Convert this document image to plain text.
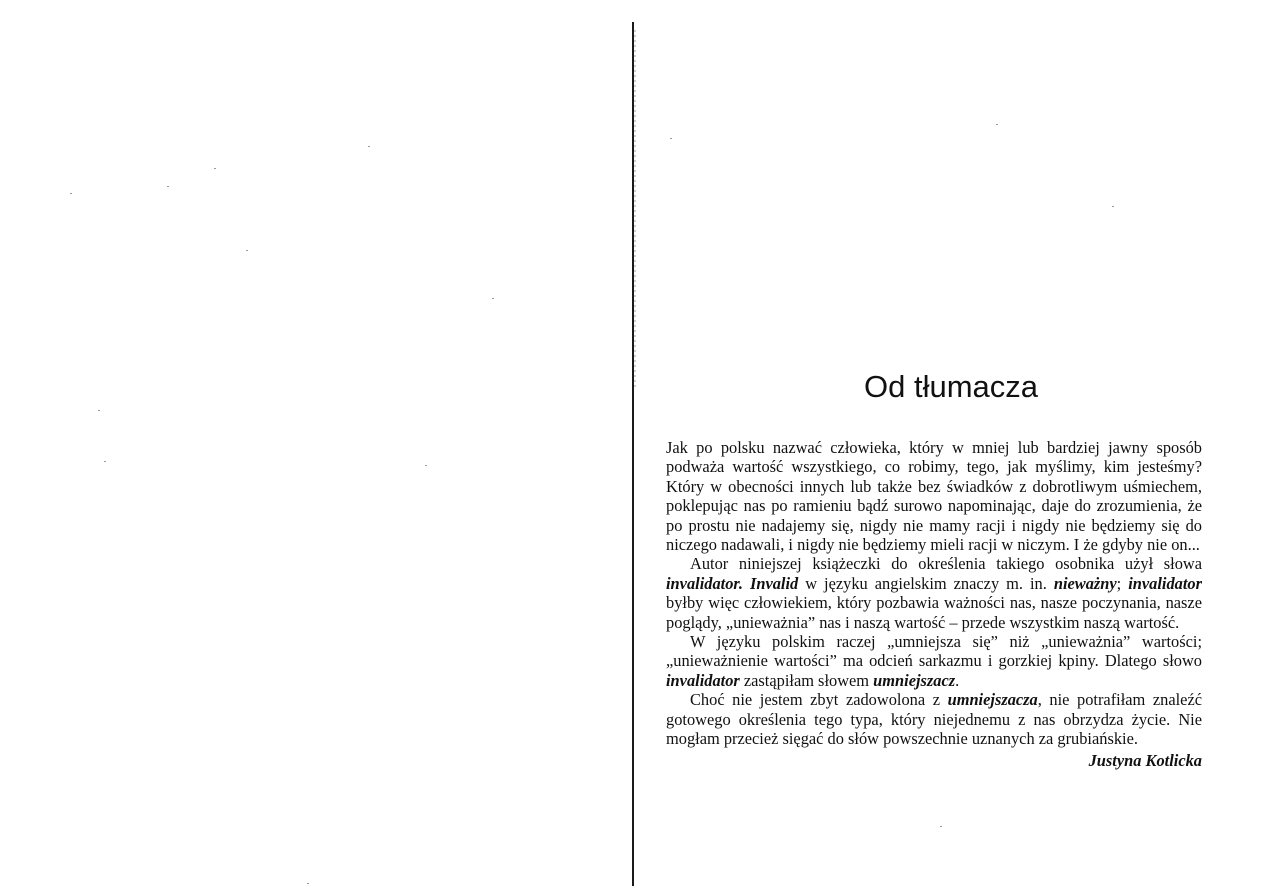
Od tłumacza

Jak po polsku nazwać człowieka, który w mniej lub bardziej jawny sposób podważa wartość wszystkiego, co robimy, tego, jak myślimy, kim jesteśmy? Który w obecności innych lub także bez świadków z dobrotliwym uśmiechem, poklepując nas po ramieniu bądź surowo napominając, daje do zrozumienia, że po prostu nie nadajemy się, nigdy nie mamy racji i nigdy nie będziemy się do niczego nadawali, i nigdy nie będziemy mieli racji w niczym. I że gdyby nie on...

Autor niniejszej książeczki do określenia takiego osobnika użył słowa invalidator. Invalid w języku angielskim znaczy m. in. nieważny; invalidator byłby więc człowiekiem, który pozbawia ważności nas, nasze poczynania, nasze poglądy, „unieważnia” nas i naszą wartość – przede wszystkim naszą wartość.

W języku polskim raczej „umniejsza się” niż „unieważnia” wartości; „unieważnienie wartości” ma odcień sarkazmu i gorzkiej kpiny. Dlatego słowo invalidator zastąpiłam słowem umniejszacz.

Choć nie jestem zbyt zadowolona z umniejszacza, nie potrafiłam znaleźć gotowego określenia tego typa, który niejednemu z nas obrzydza życie. Nie mogłam przecież sięgać do słów powszechnie uznanych za grubiańskie.

Justyna Kotlicka
